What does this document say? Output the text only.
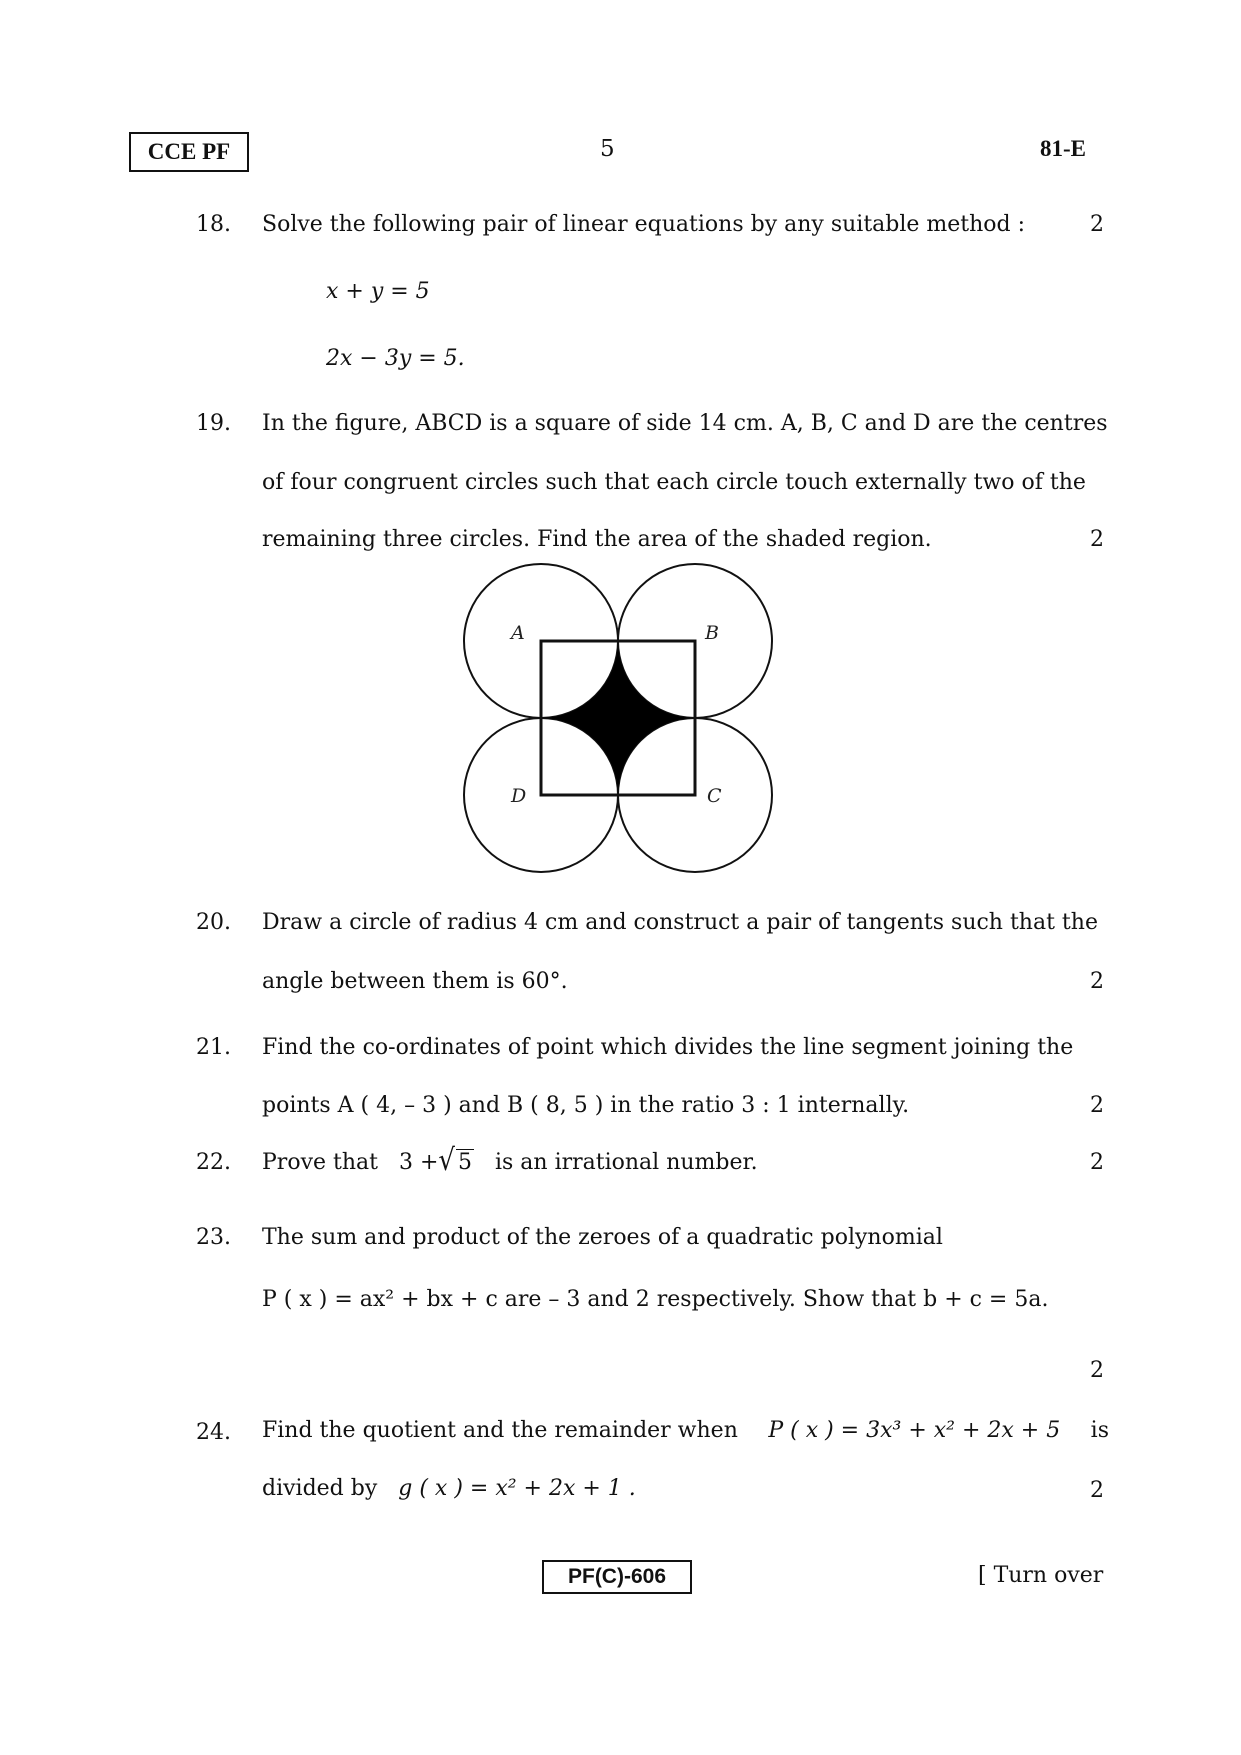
CCE PF	5	81-E
18. Solve the following pair of linear equations by any suitable method :	2
x + y = 5
2x − 3y = 5.
19. In the figure, ABCD is a square of side 14 cm. A, B, C and D are the centres
of four congruent circles such that each circle touch externally two of the
remaining three circles. Find the area of the shaded region.	2
A	B
C
D
20. Draw a circle of radius 4 cm and construct a pair of tangents such that the
angle between them is 60°.	2
21. Find the co-ordinates of point which divides the line segment joining the
points A ( 4, – 3 ) and B ( 8, 5 ) in the ratio 3 : 1 internally.	2
22. Prove that 3 +√ 5 is an irrational number.	2
23. The sum and product of the zeroes of a quadratic polynomial
P ( x ) = ax² + bx + c are – 3 and 2 respectively. Show that b + c = 5a.
2
24. Find the quotient and the remainder when P ( x ) = 3x³ + x² + 2x + 5 is
divided by g ( x ) = x² + 2x + 1 .	2
PF(C)-606	[ Turn over
